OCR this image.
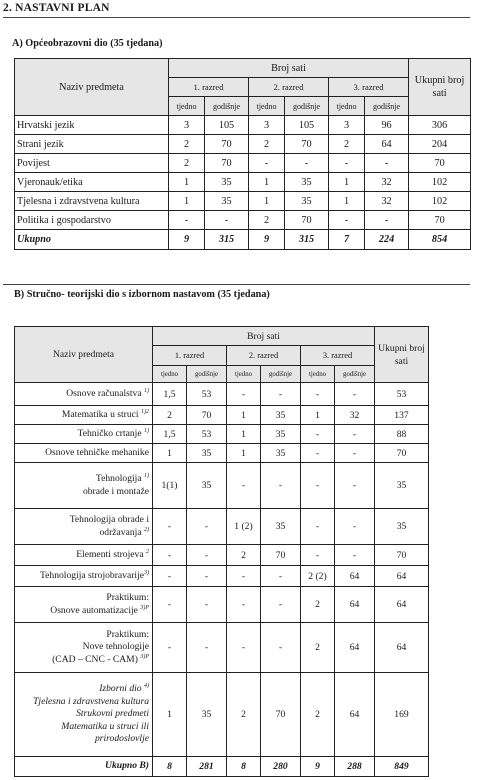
2. NASTAVNI PLAN
A) Općeobrazovni dio (35 tjedana)
Naziv predmeta	Broj sati						Ukupni broj sati
	1. razred		2. razred		3. razred		
	tjedno	godišnje	tjedno	godišnje	tjedno	godišnje	
Hrvatski jezik	3	105	3	105	3	96	306
Strani jezik	2	70	2	70	2	64	204
Povijest	2	70	-	-	-	-	70
Vjeronauk/etika	1	35	1	35	1	32	102
Tjelesna i zdravstvena kultura	1	35	1	35	1	32	102
Politika i gospodarstvo	-	-	2	70	-	-	70
Ukupno	9	315	9	315	7	224	854
B) Stručno- teorijski dio s izbornom nastavom (35 tjedana)
Naziv predmeta	Broj sati						Ukupni broj sati
	1. razred		2. razred		3. razred		
	tjedno	godišnje	tjedno	godišnje	tjedno	godišnje	
Osnove računalstva $^{1)}$	1,5	53	-	-	-	-	53
Matematika u struci $^{1)2}$	2	70	1	35	1	32	137
Tehničko crtanje $^{1)}$	1,5	53	1	35	-	-	88
Osnove tehničke mehanike	1	35	1	35	-	-	70
Tehnologija $^{1)}$
obrade i montaže	1(1)	35	-	-	-	-	35
Tehnologija obrade i
održavanja $^{2)}$	-	-	1 (2)	35	-	-	35
Elementi strojeva $^2$	-	-	2	70	-	-	70
Tehnologija strojobravarije$^{3)}$	-	-	-	-	2 (2)	64	64
Praktikum:
Osnove automatizacije $^{3)P}$	-	-	-	-	2	64	64
Praktikum:
Nove tehnologije
(CAD – CNC - CAM) $^{3)P}$	-	-	-	-	2	64	64
Izborni dio $^{4)}$
Tjelesna i zdravstvena kultura
Strukovni predmeti
Matematika u struci ili
prirodoslovlje	1	35	2	70	2	64	169
Ukupno B)	8	281	8	280	9	288	849
